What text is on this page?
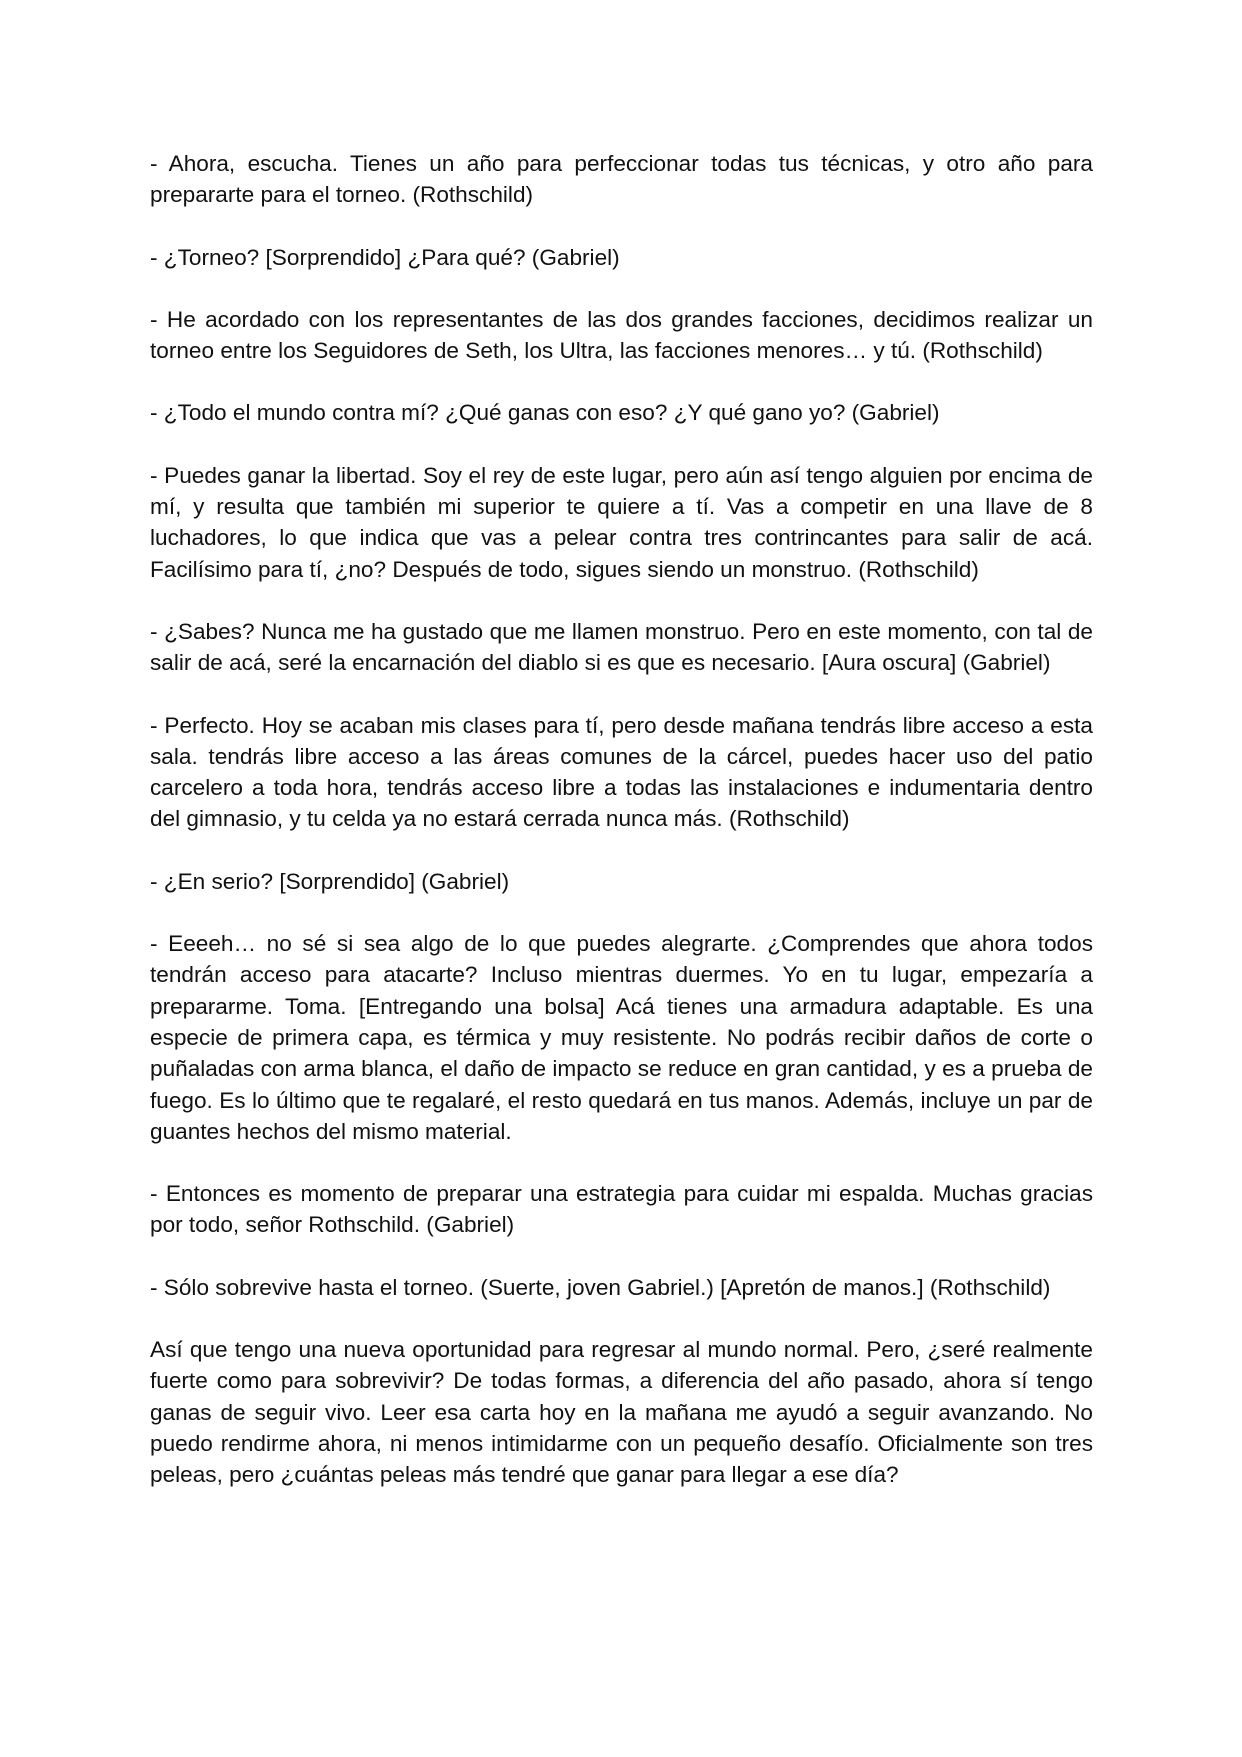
- Ahora, escucha. Tienes un año para perfeccionar todas tus técnicas, y otro año para prepararte para el torneo. (Rothschild)

- ¿Torneo? [Sorprendido] ¿Para qué? (Gabriel)

- He acordado con los representantes de las dos grandes facciones, decidimos realizar un torneo entre los Seguidores de Seth, los Ultra, las facciones menores… y tú. (Rothschild)

- ¿Todo el mundo contra mí? ¿Qué ganas con eso? ¿Y qué gano yo? (Gabriel)

- Puedes ganar la libertad. Soy el rey de este lugar, pero aún así tengo alguien por encima de mí, y resulta que también mi superior te quiere a tí. Vas a competir en una llave de 8 luchadores, lo que indica que vas a pelear contra tres contrincantes para salir de acá. Facilísimo para tí, ¿no? Después de todo, sigues siendo un monstruo. (Rothschild)

- ¿Sabes? Nunca me ha gustado que me llamen monstruo. Pero en este momento, con tal de salir de acá, seré la encarnación del diablo si es que es necesario. [Aura oscura] (Gabriel)

- Perfecto. Hoy se acaban mis clases para tí, pero desde mañana tendrás libre acceso a esta sala. tendrás libre acceso a las áreas comunes de la cárcel, puedes hacer uso del patio carcelero a toda hora, tendrás acceso libre a todas las instalaciones e indumentaria dentro del gimnasio, y tu celda ya no estará cerrada nunca más. (Rothschild)

- ¿En serio? [Sorprendido] (Gabriel)

- Eeeeh… no sé si sea algo de lo que puedes alegrarte. ¿Comprendes que ahora todos tendrán acceso para atacarte? Incluso mientras duermes. Yo en tu lugar, empezaría a prepararme. Toma. [Entregando una bolsa] Acá tienes una armadura adaptable. Es una especie de primera capa, es térmica y muy resistente. No podrás recibir daños de corte o puñaladas con arma blanca, el daño de impacto se reduce en gran cantidad, y es a prueba de fuego. Es lo último que te regalaré, el resto quedará en tus manos. Además, incluye un par de guantes hechos del mismo material.

- Entonces es momento de preparar una estrategia para cuidar mi espalda. Muchas gracias por todo, señor Rothschild. (Gabriel)

- Sólo sobrevive hasta el torneo. (Suerte, joven Gabriel.) [Apretón de manos.] (Rothschild)

Así que tengo una nueva oportunidad para regresar al mundo normal. Pero, ¿seré realmente fuerte como para sobrevivir? De todas formas, a diferencia del año pasado, ahora sí tengo ganas de seguir vivo. Leer esa carta hoy en la mañana me ayudó a seguir avanzando. No puedo rendirme ahora, ni menos intimidarme con un pequeño desafío. Oficialmente son tres peleas, pero ¿cuántas peleas más tendré que ganar para llegar a ese día?
